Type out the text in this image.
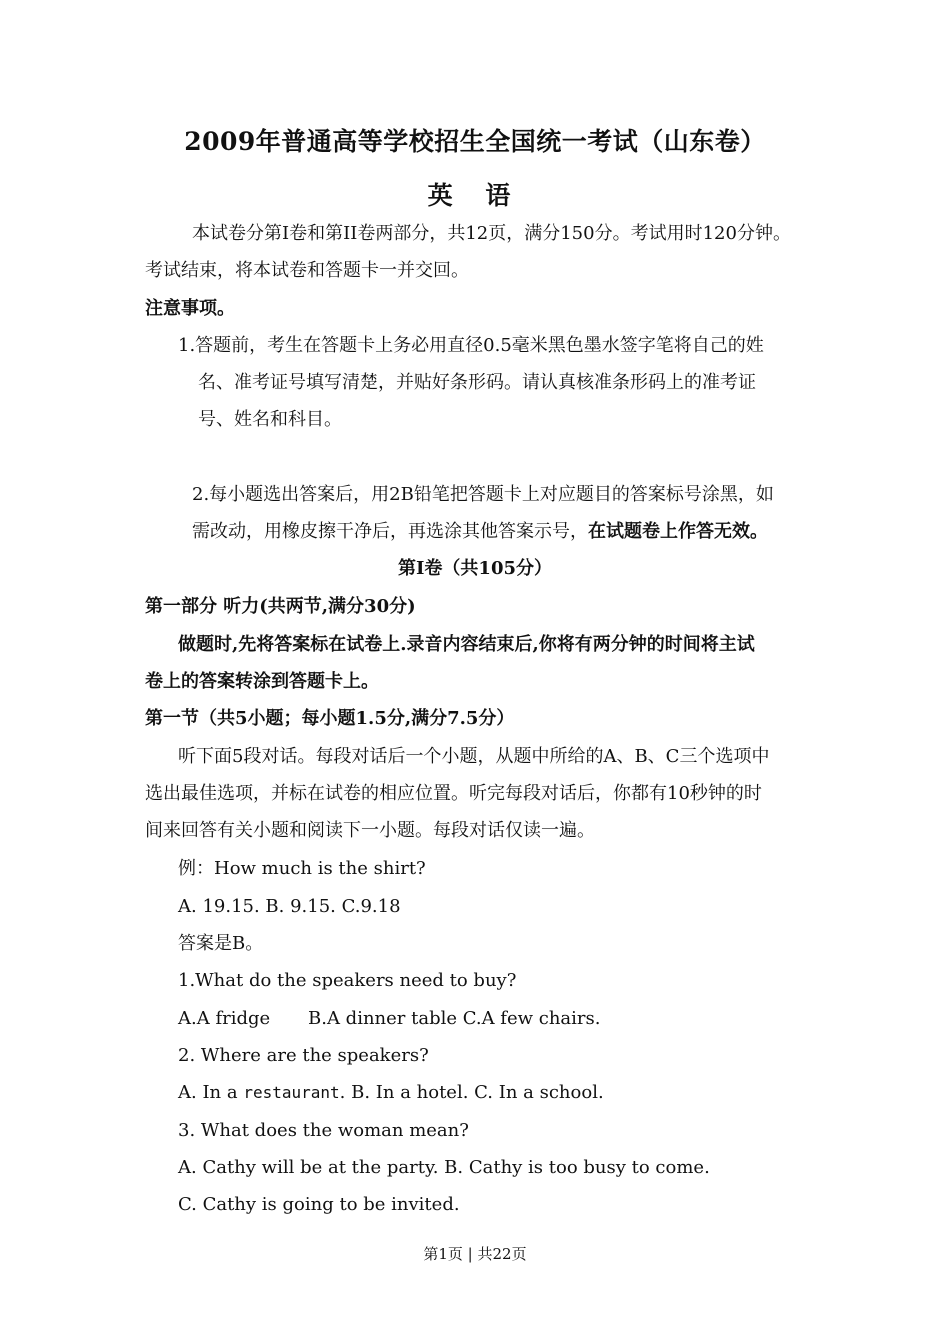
2009年普通高等学校招生全国统一考试（山东卷）
英 语
本试卷分第I卷和第II卷两部分，共12页，满分150分。考试用时120分钟。
考试结束，将本试卷和答题卡一并交回。
注意事项。
1.答题前，考生在答题卡上务必用直径0.5毫米黑色墨水签字笔将自己的姓
名、准考证号填写清楚，并贴好条形码。请认真核准条形码上的准考证
号、姓名和科目。
2.每小题选出答案后，用2B铅笔把答题卡上对应题目的答案标号涂黑，如
需改动，用橡皮擦干净后，再选涂其他答案示号，在试题卷上作答无效。
第I卷（共105分）
第一部分 听力(共两节,满分30分)
做题时,先将答案标在试卷上.录音内容结束后,你将有两分钟的时间将主试
卷上的答案转涂到答题卡上。
第一节（共5小题；每小题1.5分,满分7.5分）
听下面5段对话。每段对话后一个小题，从题中所给的A、B、C三个选项中
选出最佳选项，并标在试卷的相应位置。听完每段对话后，你都有10秒钟的时
间来回答有关小题和阅读下一小题。每段对话仅读一遍。
例：How much is the shirt?
A. 19.15. B. 9.15. C.9.18
答案是B。
1.What do the speakers need to buy?
A.A fridge B.A dinner table C.A few chairs.
2. Where are the speakers?
A. In a restaurant. B. In a hotel. C. In a school.
3. What does the woman mean?
A. Cathy will be at the party. B. Cathy is too busy to come.
C. Cathy is going to be invited.
第1页 | 共22页
